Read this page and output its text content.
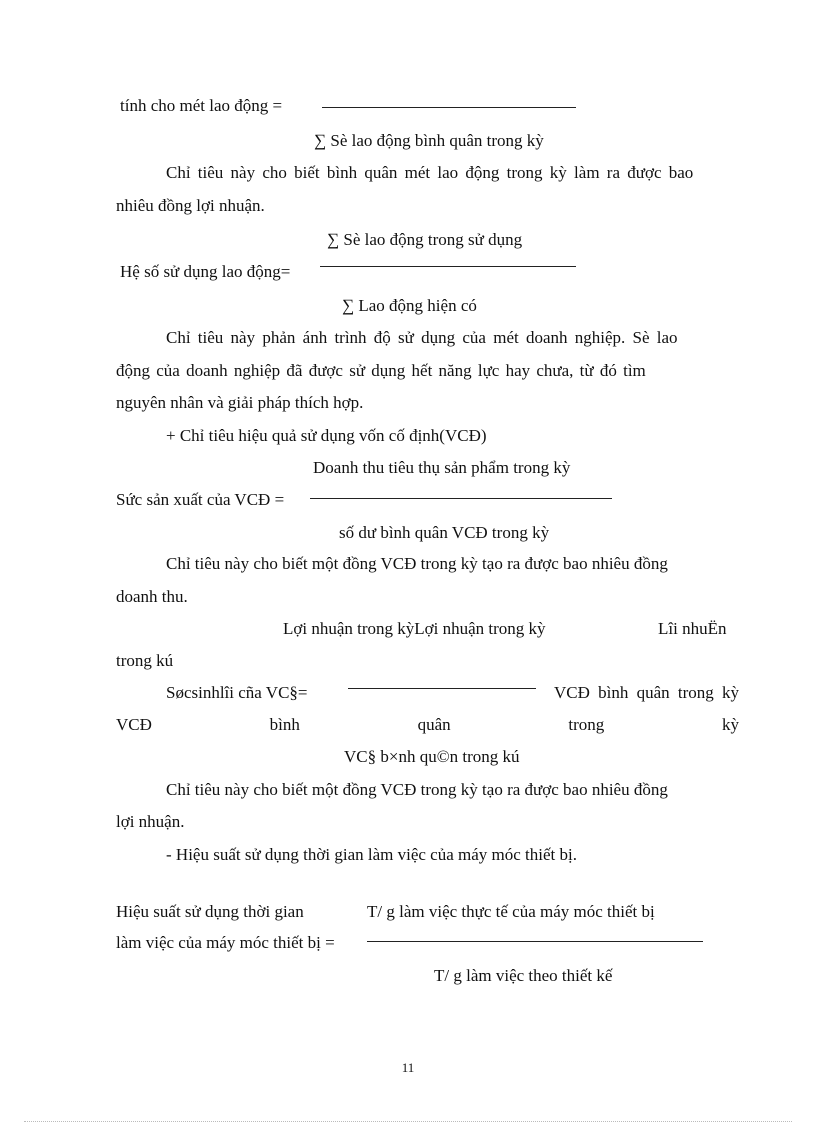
tính cho mét lao động =
∑ Sè lao động bình quân trong kỳ
Chỉ tiêu này cho biết bình quân mét lao động trong kỳ làm ra được bao
nhiêu đồng lợi nhuận.
∑ Sè lao động trong sử dụng
Hệ số sử dụng lao động=
∑ Lao động hiện có
Chỉ tiêu này phản ánh trình độ sử dụng của mét doanh nghiệp. Sè lao
động của doanh nghiệp đã được sử dụng hết năng lực hay chưa, từ đó tìm
nguyên nhân và giải pháp thích hợp.
+ Chỉ tiêu hiệu quả sử dụng vốn cố định(VCĐ)
Doanh thu tiêu thụ sản phẩm trong kỳ
Sức sản xuất của VCĐ =
số dư bình quân VCĐ trong kỳ
Chỉ tiêu này cho biết một đồng VCĐ trong kỳ tạo ra được bao nhiêu đồng
doanh thu.
Lợi nhuận trong kỳLợi nhuận trong kỳ	Lîi nhuËn
trong kú
Søcsinhlîi cña VC§=	VCĐ bình quân trong kỳ
VCĐ	bình	quân	trong	kỳ
VC§ b×nh qu©n trong kú
Chỉ tiêu này cho biết một đồng VCĐ trong kỳ tạo ra được bao nhiêu đồng
lợi nhuận.
- Hiệu suất sử dụng thời gian làm việc của máy móc thiết bị.
Hiệu suất sử dụng thời gian	T/ g làm việc thực tế của máy móc thiết bị
làm việc của máy móc thiết bị =
T/ g làm việc theo thiết kế
11
